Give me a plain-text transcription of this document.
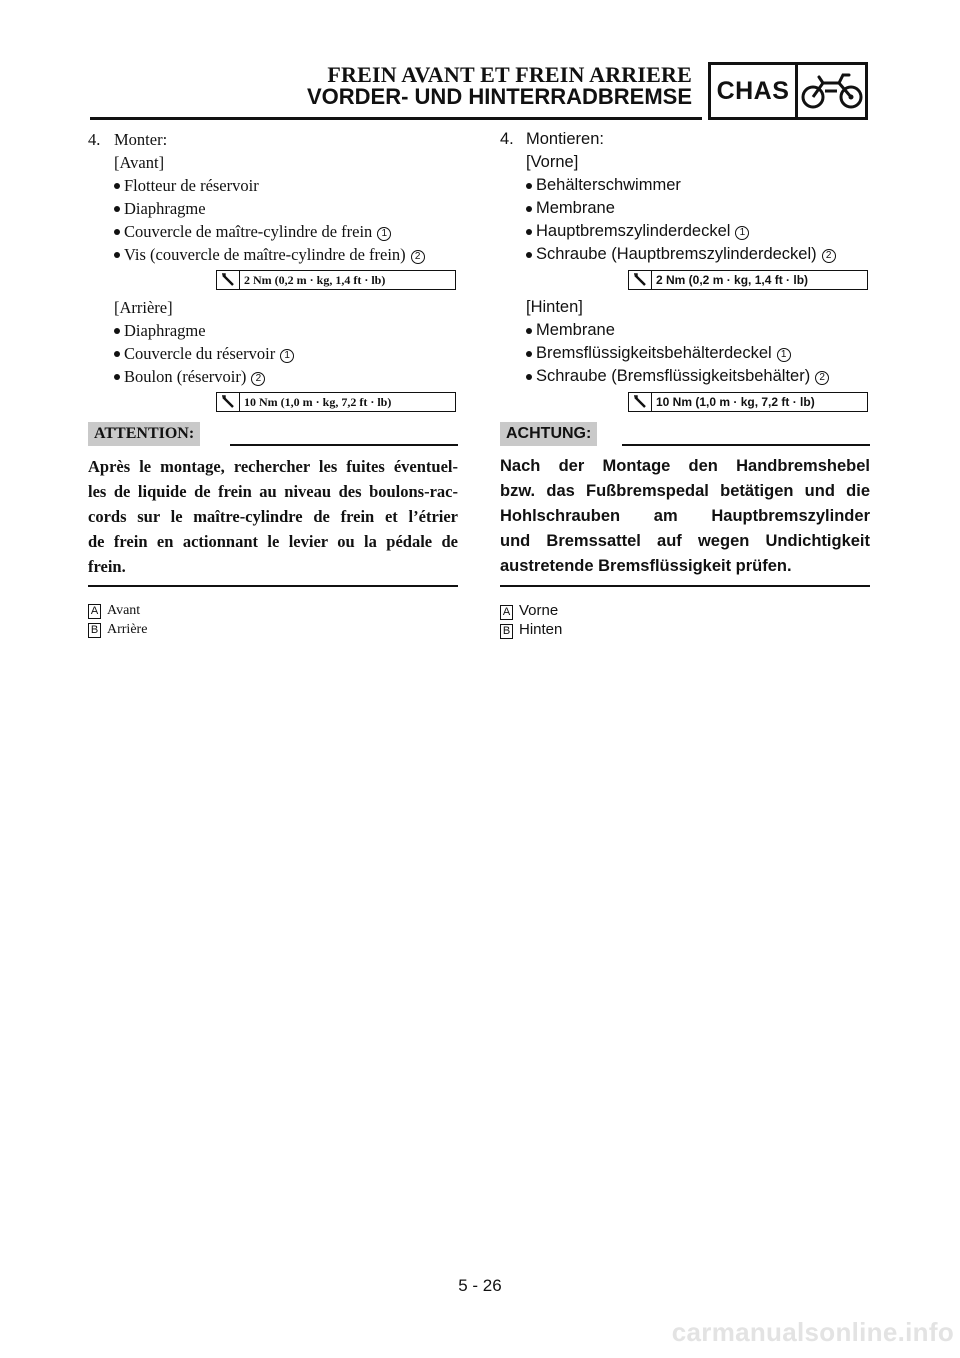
FREIN AVANT ET FREIN ARRIERE
VORDER- UND HINTERRADBREMSE CHAS
4. Monter:
[Avant]
Flotteur de réservoir
Diaphragme
Couvercle de maître-cylindre de frein 1
Vis (couvercle de maître-cylindre de frein) 2
2 Nm (0,2 m · kg, 1,4 ft · lb)
[Arrière]
Diaphragme
Couvercle du réservoir 1
Boulon (réservoir) 2
10 Nm (1,0 m · kg, 7,2 ft · lb)
ATTENTION:
Après le montage, rechercher les fuites éventuel-
les de liquide de frein au niveau des boulons-rac-
cords sur le maître-cylindre de frein et l’étrier
de frein en actionnant le levier ou la pédale de
frein.
A Avant
B Arrière
4. Montieren:
[Vorne]
Behälterschwimmer
Membrane
Hauptbremszylinderdeckel 1
Schraube (Hauptbremszylinderdeckel) 2
2 Nm (0,2 m · kg, 1,4 ft · lb)
[Hinten]
Membrane
Bremsflüssigkeitsbehälterdeckel 1
Schraube (Bremsflüssigkeitsbehälter) 2
10 Nm (1,0 m · kg, 7,2 ft · lb)
ACHTUNG:
Nach der Montage den Handbremshebel
bzw. das Fußbremspedal betätigen und die
Hohlschrauben am Hauptbremszylinder
und Bremssattel auf wegen Undichtigkeit
austretende Bremsflüssigkeit prüfen.
A Vorne
B Hinten
5 - 26
carmanualsonline.info
